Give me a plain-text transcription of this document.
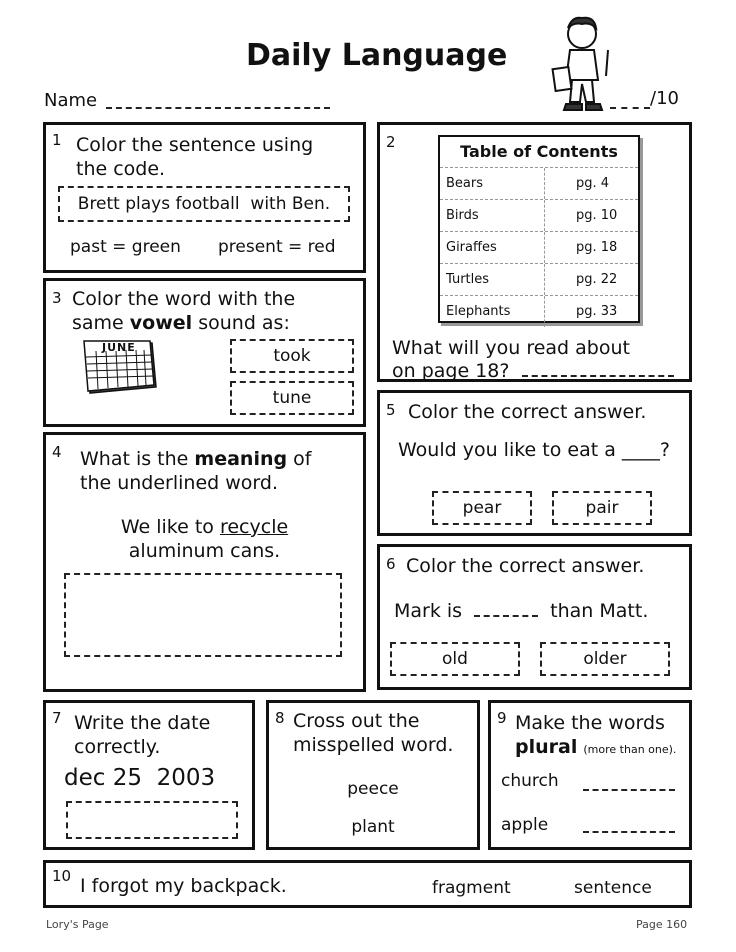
Daily Language
Name	/10
1 Color the sentence using
the code.
Brett plays football  with Ben.
past = green present = red
2	Table of Contents
Bears	pg. 4
Birds	pg. 10
Giraffes	pg. 18
Turtles	pg. 22
Elephants	pg. 33
What will you read about
on page 18?
3 Color the word with the
same vowel sound as:
JUNE	took
tune
5 Color the correct answer.
Would you like to eat a ____?
pear	pair
4 What is the meaning of
the underlined word.
We like to recycle
aluminum cans.
6 Color the correct answer.
Mark is	than Matt.
old	older
7 Write the date
correctly.
dec 25  2003
8 Cross out the
misspelled word.
peece
plant
9 Make the words
plural (more than one).
church
apple
10 I forgot my backpack.	fragment	sentence
Lory's Page	Page 160
